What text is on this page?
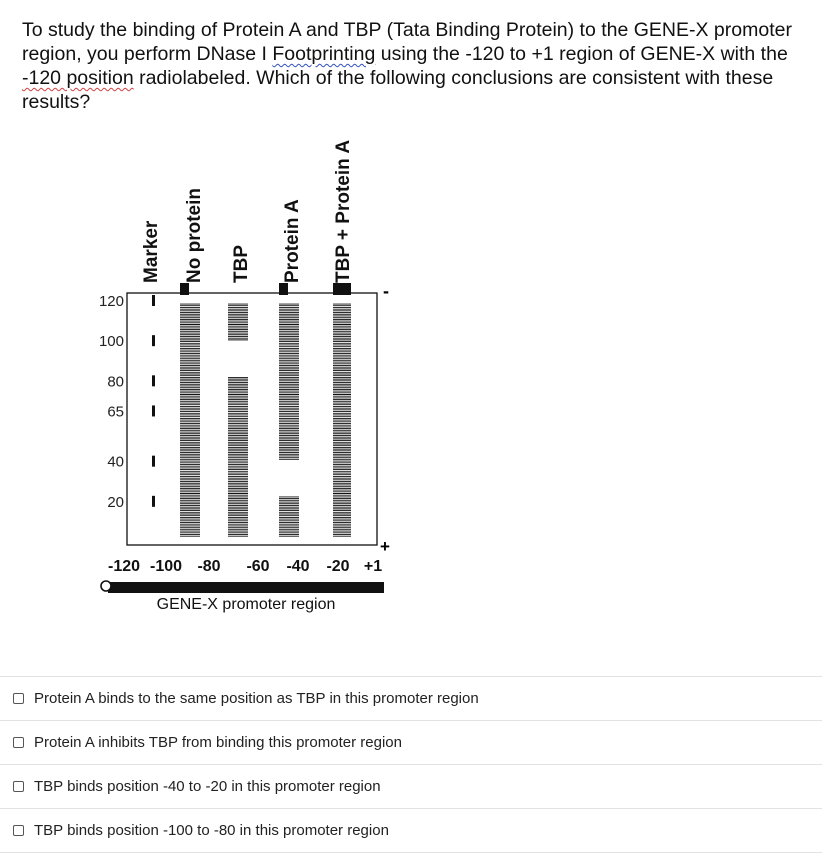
To study the binding of Protein A and TBP (Tata Binding Protein) to the GENE-X promoter region, you perform DNase I Footprinting using the -120 to +1 region of GENE-X with the -120 position radiolabeled. Which of the following conclusions are consistent with these results?

Marker No protein TBP Protein A TBP + Protein A
120
100
80
65
40
20
-
+
-120 -100 -80 -60 -40 -20 +1
GENE-X promoter region
Protein A binds to the same position as TBP in this promoter region
Protein A inhibits TBP from binding this promoter region
TBP binds position -40 to -20 in this promoter region
TBP binds position -100 to -80 in this promoter region
